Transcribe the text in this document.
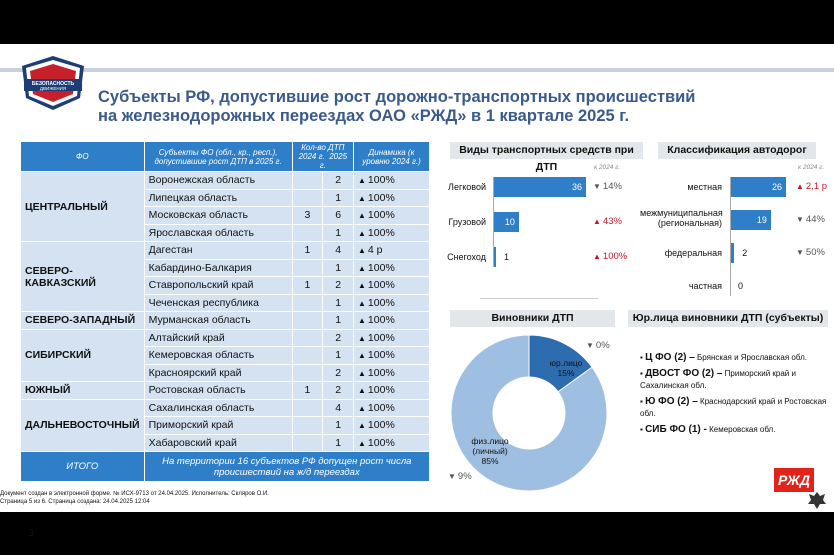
БЕЗОПАСНОСТЬ
ДВИЖЕНИЯ Субъекты РФ, допустившие рост дорожно-транспортных происшествий
на железнодорожных переездах ОАО «РЖД» в 1 квартале 2025 г.
ФО	Субъекты ФО (обл., кр., респ.), допустившие рост ДТП в 2025 г.	Кол-во ДТП
2024 г. 2025 г.		Динамика (к уровню 2024 г.)
ЦЕНТРАЛЬНЫЙ	Воронежская область		2	▲ 100%
	Липецкая область		1	▲ 100%
	Московская область	3	6	▲ 100%
	Ярославская область		1	▲ 100%
СЕВЕРО-КАВКАЗСКИЙ	Дагестан	1	4	▲ 4 р
	Кабардино-Балкария		1	▲ 100%
	Ставропольский край	1	2	▲ 100%
	Чеченская республика		1	▲ 100%
СЕВЕРО-ЗАПАДНЫЙ	Мурманская область		1	▲ 100%
СИБИРСКИЙ	Алтайский край		2	▲ 100%
	Кемеровская область		1	▲ 100%
	Красноярский край		2	▲ 100%
ЮЖНЫЙ	Ростовская область	1	2	▲ 100%
ДАЛЬНЕВОСТОЧНЫЙ	Сахалинская область		4	▲ 100%
	Приморский край		1	▲ 100%
	Хабаровский край		1	▲ 100%
ИТОГО	На территории 16 субъектов РФ допущен рост числа происшествий на ж/д переездах			
Виды транспортных средств при ДТП	к 2024 г.
Легковой	36 ▼ 14%
Грузовой 10	▲ 43%
Снегоход 1	▲ 100%
Классификация автодорог
к 2024 г.
местная	26 ▲ 2,1 р
межмуниципальная (региональная)	19	▼ 44%
федеральная 2	▼ 50%
частная 0
Виновники ДТП
юр.лицо
15%
физ.лицо (личный)
85%
▼ 0%
▼ 9%
Юр.лица виновники ДТП (субъекты)
▪ Ц ФО (2) – Брянская и Ярославская обл.
▪ ДВОСТ ФО (2) – Приморский край и Сахалинская обл.
▪ Ю ФО (2) – Краснодарский край и Ростовская обл.
▪ СИБ ФО (1) - Кемеровская обл.
РЖД
3
Документ создан в электронной форме. № ИСХ-9713 от 24.04.2025. Исполнитель: Скляров О.И.
Страница 5 из 6. Страница создана: 24.04.2025 12:04
